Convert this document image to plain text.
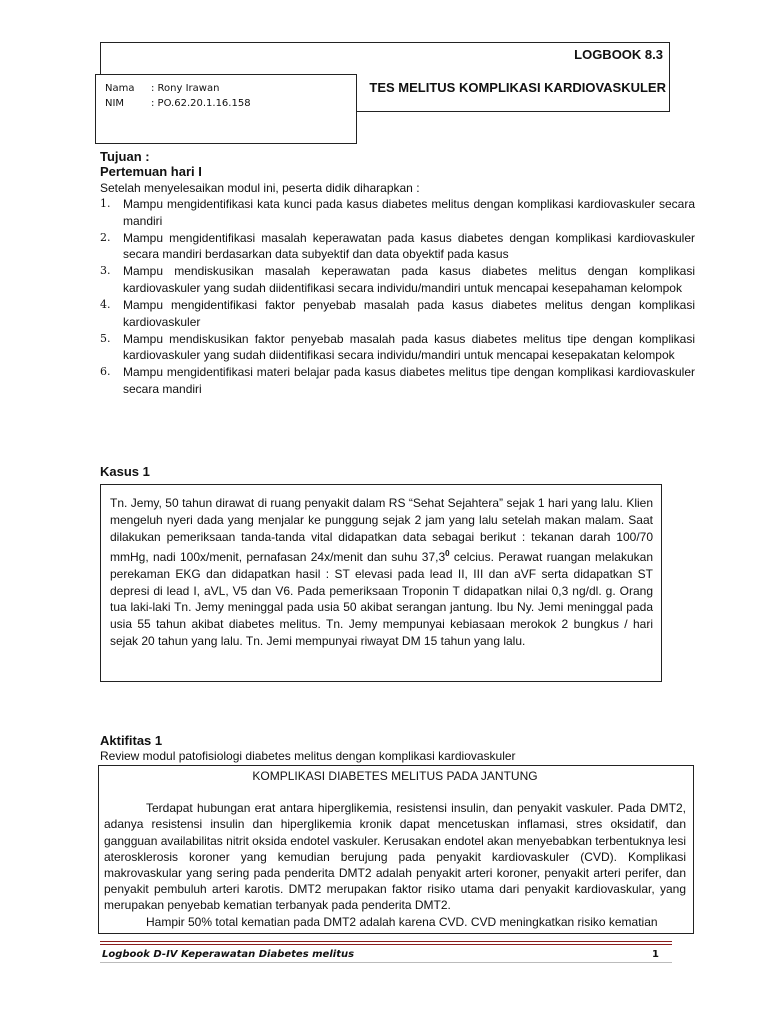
LOGBOOK 8.3
TES MELITUS KOMPLIKASI KARDIOVASKULER
Nama : Rony Irawan
NIM	: PO.62.20.1.16.158
Tujuan :
Pertemuan hari I
Setelah menyelesaikan modul ini, peserta didik diharapkan :
1. Mampu mengidentifikasi kata kunci pada kasus diabetes melitus dengan komplikasi kardiovaskuler secara mandiri
2. Mampu mengidentifikasi masalah keperawatan pada kasus diabetes dengan komplikasi kardiovaskuler secara mandiri berdasarkan data subyektif dan data obyektif pada kasus
3. Mampu mendiskusikan masalah keperawatan pada kasus diabetes melitus dengan komplikasi kardiovaskuler yang sudah diidentifikasi secara individu/mandiri untuk mencapai kesepahaman kelompok
4. Mampu mengidentifikasi faktor penyebab masalah pada kasus diabetes melitus dengan komplikasi kardiovaskuler
5. Mampu mendiskusikan faktor penyebab masalah pada kasus diabetes melitus tipe dengan komplikasi kardiovaskuler yang sudah diidentifikasi secara individu/mandiri untuk mencapai kesepakatan kelompok
6. Mampu mengidentifikasi materi belajar pada kasus diabetes melitus tipe dengan komplikasi kardiovaskuler secara mandiri
Kasus 1
Tn. Jemy, 50 tahun dirawat di ruang penyakit dalam RS “Sehat Sejahtera” sejak 1 hari yang lalu. Klien mengeluh nyeri dada yang menjalar ke punggung sejak 2 jam yang lalu setelah makan malam. Saat dilakukan pemeriksaan tanda-tanda vital didapatkan data sebagai berikut : tekanan darah 100/70 mmHg, nadi 100x/menit, pernafasan 24x/menit dan suhu 37,3$^0$ celcius. Perawat ruangan melakukan perekaman EKG dan didapatkan hasil : ST elevasi pada lead II, III dan aVF serta didapatkan ST depresi di lead I, aVL, V5 dan V6. Pada pemeriksaan Troponin T didapatkan nilai 0,3 ng/dl. g. Orang tua laki-laki Tn. Jemy meninggal pada usia 50 akibat serangan jantung. Ibu Ny. Jemi meninggal pada usia 55 tahun akibat diabetes melitus. Tn. Jemy mempunyai kebiasaan merokok 2 bungkus / hari sejak 20 tahun yang lalu. Tn. Jemi mempunyai riwayat DM 15 tahun yang lalu.
Aktifitas 1
Review modul patofisiologi diabetes melitus dengan komplikasi kardiovaskuler
KOMPLIKASI DIABETES MELITUS PADA JANTUNG

Terdapat hubungan erat antara hiperglikemia, resistensi insulin, dan penyakit vaskuler. Pada DMT2, adanya resistensi insulin dan hiperglikemia kronik dapat mencetuskan inflamasi, stres oksidatif, dan gangguan availabilitas nitrit oksida endotel vaskuler. Kerusakan endotel akan menyebabkan terbentuknya lesi aterosklerosis koroner yang kemudian berujung pada penyakit kardiovaskuler (CVD). Komplikasi makrovaskular yang sering pada penderita DMT2 adalah penyakit arteri koroner, penyakit arteri perifer, dan penyakit pembuluh arteri karotis. DMT2 merupakan faktor risiko utama dari penyakit kardiovaskular, yang merupakan penyebab kematian terbanyak pada penderita DMT2.

Hampir 50% total kematian pada DMT2 adalah karena CVD. CVD meningkatkan risiko kematian

Logbook D-IV Keperawatan Diabetes melitus	1
